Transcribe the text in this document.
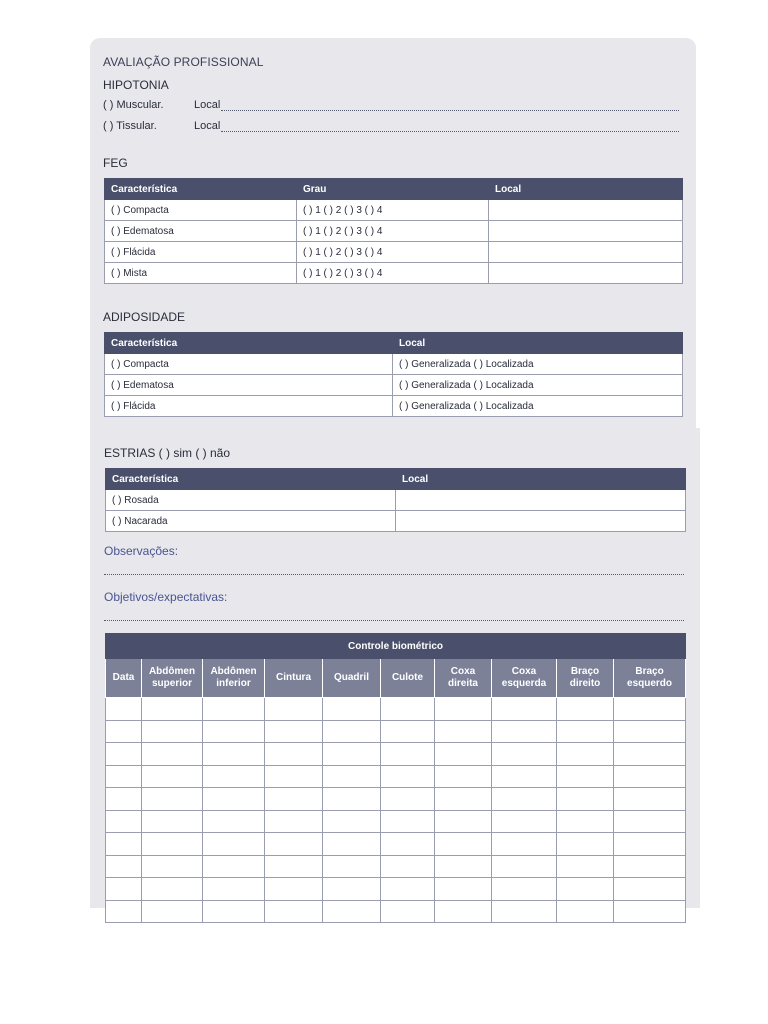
AVALIAÇÃO PROFISSIONAL
HIPOTONIA
( ) Muscular.	Local
( ) Tissular.	Local
FEG
Característica	Grau	Local
( ) Compacta	( ) 1 ( ) 2 ( ) 3 ( ) 4	
( ) Edematosa	( ) 1 ( ) 2 ( ) 3 ( ) 4	
( ) Flácida	( ) 1 ( ) 2 ( ) 3 ( ) 4	
( ) Mista	( ) 1 ( ) 2 ( ) 3 ( ) 4	
ADIPOSIDADE
Característica	Local
( ) Compacta	( ) Generalizada ( ) Localizada
( ) Edematosa	( ) Generalizada ( ) Localizada
( ) Flácida	( ) Generalizada ( ) Localizada
ESTRIAS ( ) sim ( ) não
Característica	Local
( ) Rosada	
( ) Nacarada	
Observações:
Objetivos/expectativas:
Controle biométrico									
Data	Abdômen superior	Abdômen inferior	Cintura	Quadril	Culote	Coxa direita	Coxa esquerda	Braço direito	Braço esquerdo
